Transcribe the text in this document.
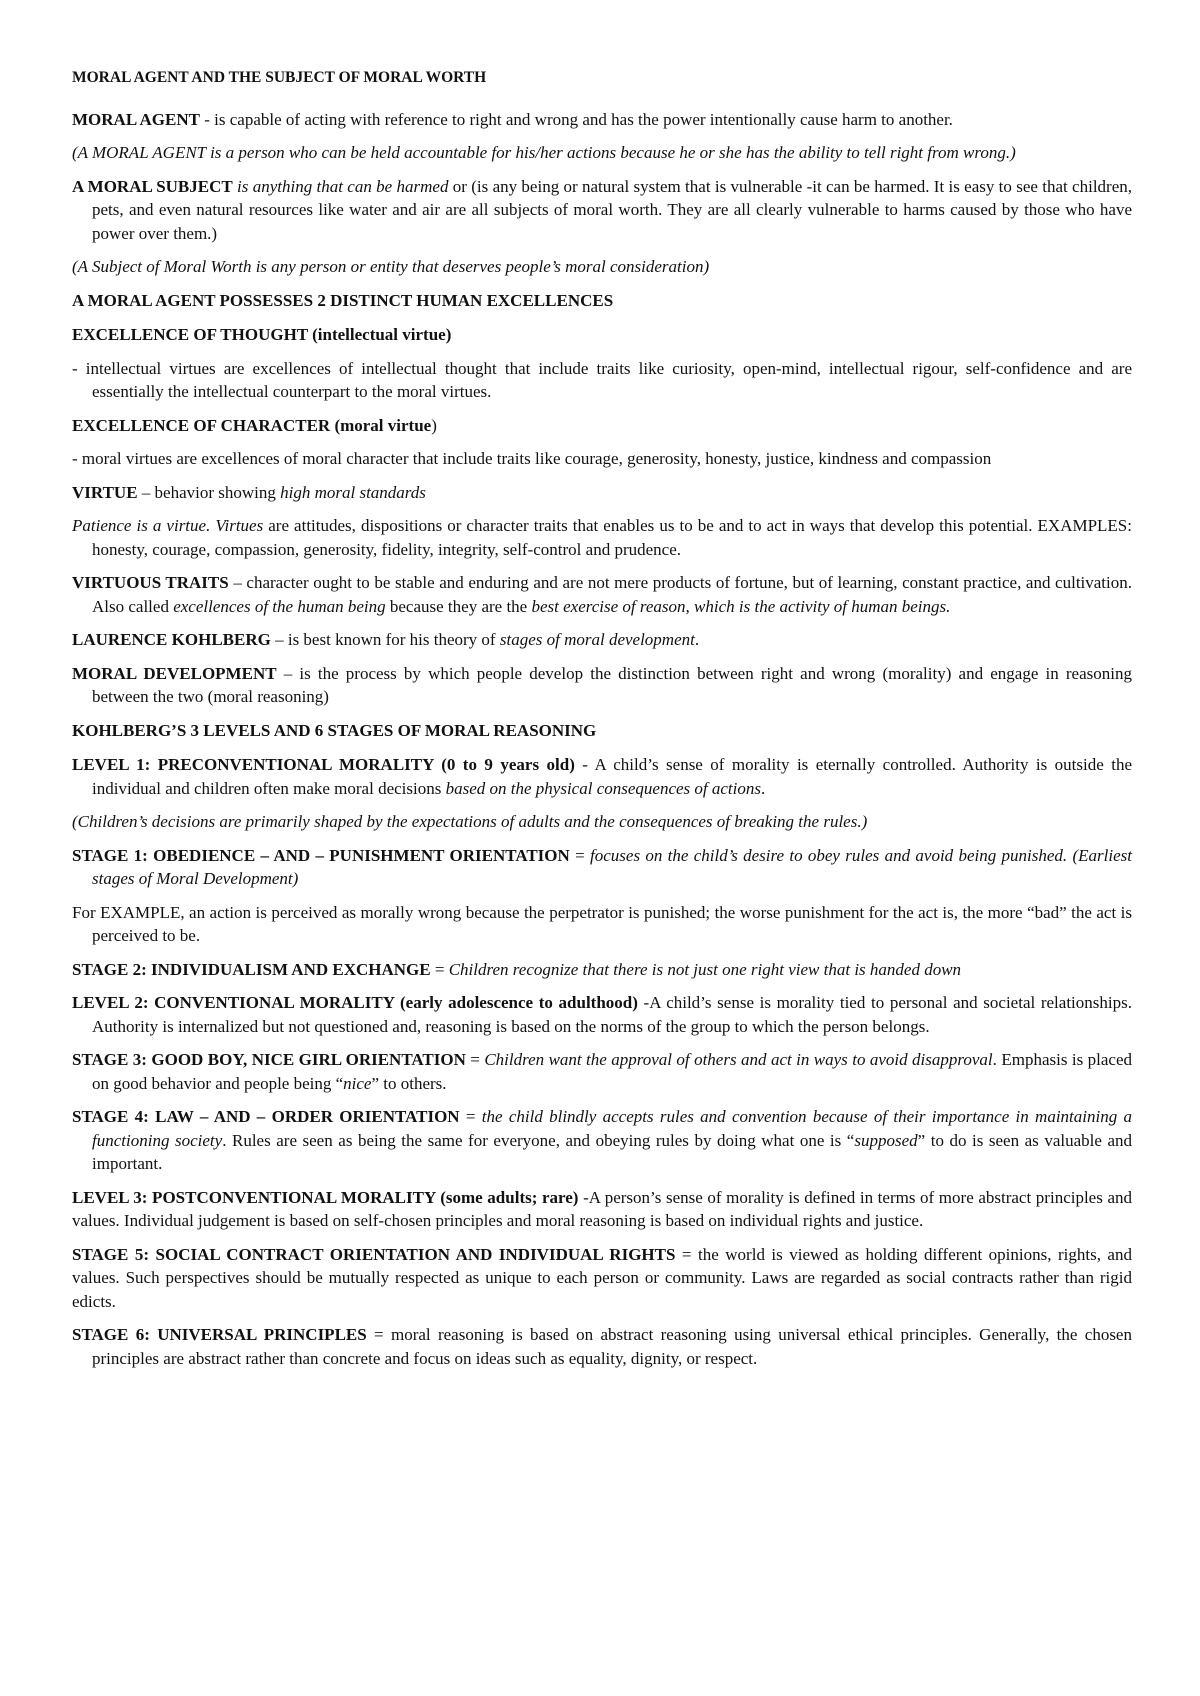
MORAL AGENT AND THE SUBJECT OF MORAL WORTH

MORAL AGENT - is capable of acting with reference to right and wrong and has the power intentionally cause harm to another.

(A MORAL AGENT is a person who can be held accountable for his/her actions because he or she has the ability to tell right from wrong.)

A MORAL SUBJECT is anything that can be harmed or (is any being or natural system that is vulnerable -it can be harmed. It is easy to see that children, pets, and even natural resources like water and air are all subjects of moral worth. They are all clearly vulnerable to harms caused by those who have power over them.)

(A Subject of Moral Worth is any person or entity that deserves people’s moral consideration)

A MORAL AGENT POSSESSES 2 DISTINCT HUMAN EXCELLENCES

EXCELLENCE OF THOUGHT (intellectual virtue)

- intellectual virtues are excellences of intellectual thought that include traits like curiosity, open-mind, intellectual rigour, self-confidence and are essentially the intellectual counterpart to the moral virtues.

EXCELLENCE OF CHARACTER (moral virtue)

- moral virtues are excellences of moral character that include traits like courage, generosity, honesty, justice, kindness and compassion

VIRTUE – behavior showing high moral standards

Patience is a virtue. Virtues are attitudes, dispositions or character traits that enables us to be and to act in ways that develop this potential. EXAMPLES: honesty, courage, compassion, generosity, fidelity, integrity, self-control and prudence.

VIRTUOUS TRAITS – character ought to be stable and enduring and are not mere products of fortune, but of learning, constant practice, and cultivation. Also called excellences of the human being because they are the best exercise of reason, which is the activity of human beings.

LAURENCE KOHLBERG – is best known for his theory of stages of moral development.

MORAL DEVELOPMENT – is the process by which people develop the distinction between right and wrong (morality) and engage in reasoning between the two (moral reasoning)

KOHLBERG’S 3 LEVELS AND 6 STAGES OF MORAL REASONING

LEVEL 1: PRECONVENTIONAL MORALITY (0 to 9 years old) - A child’s sense of morality is eternally controlled. Authority is outside the individual and children often make moral decisions based on the physical consequences of actions.

(Children’s decisions are primarily shaped by the expectations of adults and the consequences of breaking the rules.)

STAGE 1: OBEDIENCE – AND – PUNISHMENT ORIENTATION = focuses on the child’s desire to obey rules and avoid being punished. (Earliest stages of Moral Development)

For EXAMPLE, an action is perceived as morally wrong because the perpetrator is punished; the worse punishment for the act is, the more “bad” the act is perceived to be.

STAGE 2: INDIVIDUALISM AND EXCHANGE = Children recognize that there is not just one right view that is handed down

LEVEL 2: CONVENTIONAL MORALITY (early adolescence to adulthood) -A child’s sense is morality tied to personal and societal relationships. Authority is internalized but not questioned and, reasoning is based on the norms of the group to which the person belongs.

STAGE 3: GOOD BOY, NICE GIRL ORIENTATION = Children want the approval of others and act in ways to avoid disapproval. Emphasis is placed on good behavior and people being “nice” to others.

STAGE 4: LAW – AND – ORDER ORIENTATION = the child blindly accepts rules and convention because of their importance in maintaining a functioning society. Rules are seen as being the same for everyone, and obeying rules by doing what one is “supposed” to do is seen as valuable and important.

LEVEL 3: POSTCONVENTIONAL MORALITY (some adults; rare) -A person’s sense of morality is defined in terms of more abstract principles and values. Individual judgement is based on self-chosen principles and moral reasoning is based on individual rights and justice.

STAGE 5: SOCIAL CONTRACT ORIENTATION AND INDIVIDUAL RIGHTS = the world is viewed as holding different opinions, rights, and values. Such perspectives should be mutually respected as unique to each person or community. Laws are regarded as social contracts rather than rigid edicts.

STAGE 6: UNIVERSAL PRINCIPLES = moral reasoning is based on abstract reasoning using universal ethical principles. Generally, the chosen principles are abstract rather than concrete and focus on ideas such as equality, dignity, or respect.
